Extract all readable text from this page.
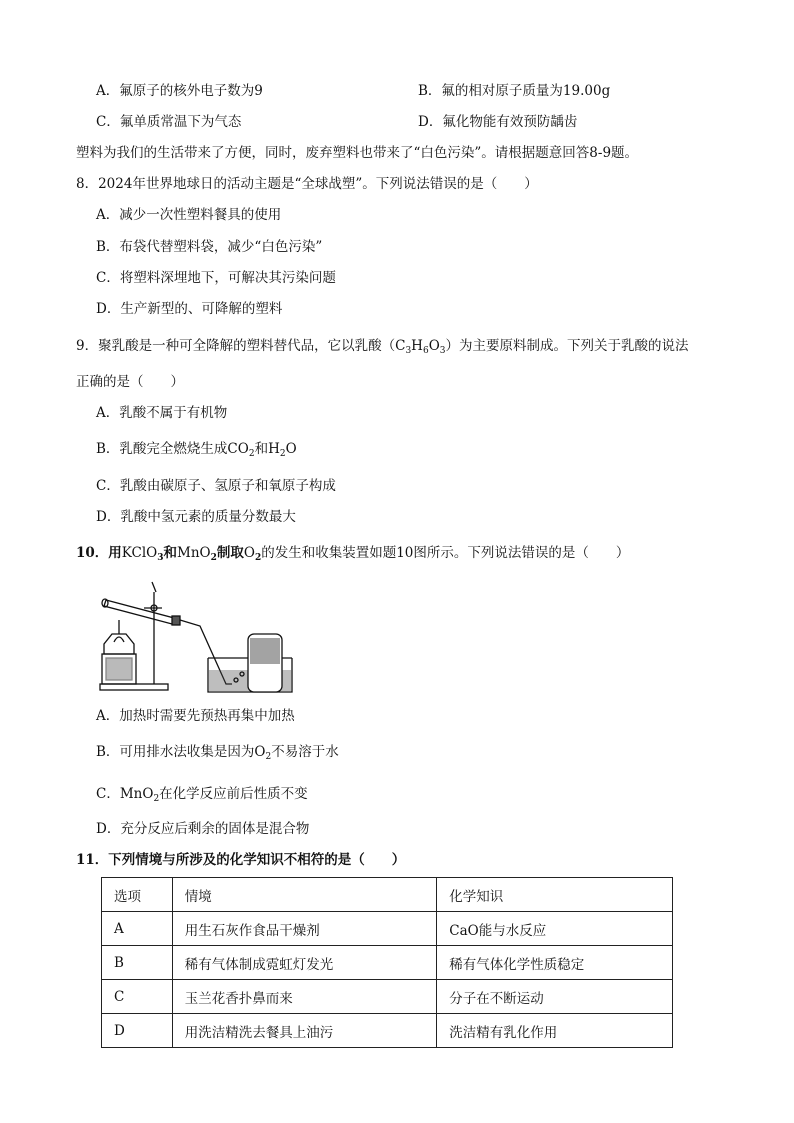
A．氟原子的核外电子数为9	B．氟的相对原子质量为19.00g
C．氟单质常温下为气态	D．氟化物能有效预防龋齿
塑料为我们的生活带来了方便，同时，废弃塑料也带来了“白色污染”。请根据题意回答8-9题。
8．2024年世界地球日的活动主题是“全球战塑”。下列说法错误的是（　　）
A．减少一次性塑料餐具的使用
B．布袋代替塑料袋，减少“白色污染”
C．将塑料深埋地下，可解决其污染问题
D．生产新型的、可降解的塑料
9．聚乳酸是一种可全降解的塑料替代品，它以乳酸$(C_3H_6O_3)$为主要原料制成。下列关于乳酸的说法
正确的是（　　）
A．乳酸不属于有机物
B．乳酸完全燃烧生成$CO_2$和$H_2O$
C．乳酸由碳原子、氢原子和氧原子构成
D．乳酸中氢元素的质量分数最大
10．用KClO$_3$和MnO$_2$制取$O_2$的发生和收集装置如题10图所示。下列说法错误的是（　　）
A．加热时需要先预热再集中加热
B．可用排水法收集是因为$O_2$不易溶于水
C．MnO$_2$在化学反应前后性质不变
D．充分反应后剩余的固体是混合物
11．下列情境与所涉及的化学知识不相符的是（　　）
选项	情境	化学知识
A	用生石灰作食品干燥剂	CaO能与水反应
B	稀有气体制成霓虹灯发光	稀有气体化学性质稳定
C	玉兰花香扑鼻而来	分子在不断运动
D	用洗洁精洗去餐具上油污	洗洁精有乳化作用
